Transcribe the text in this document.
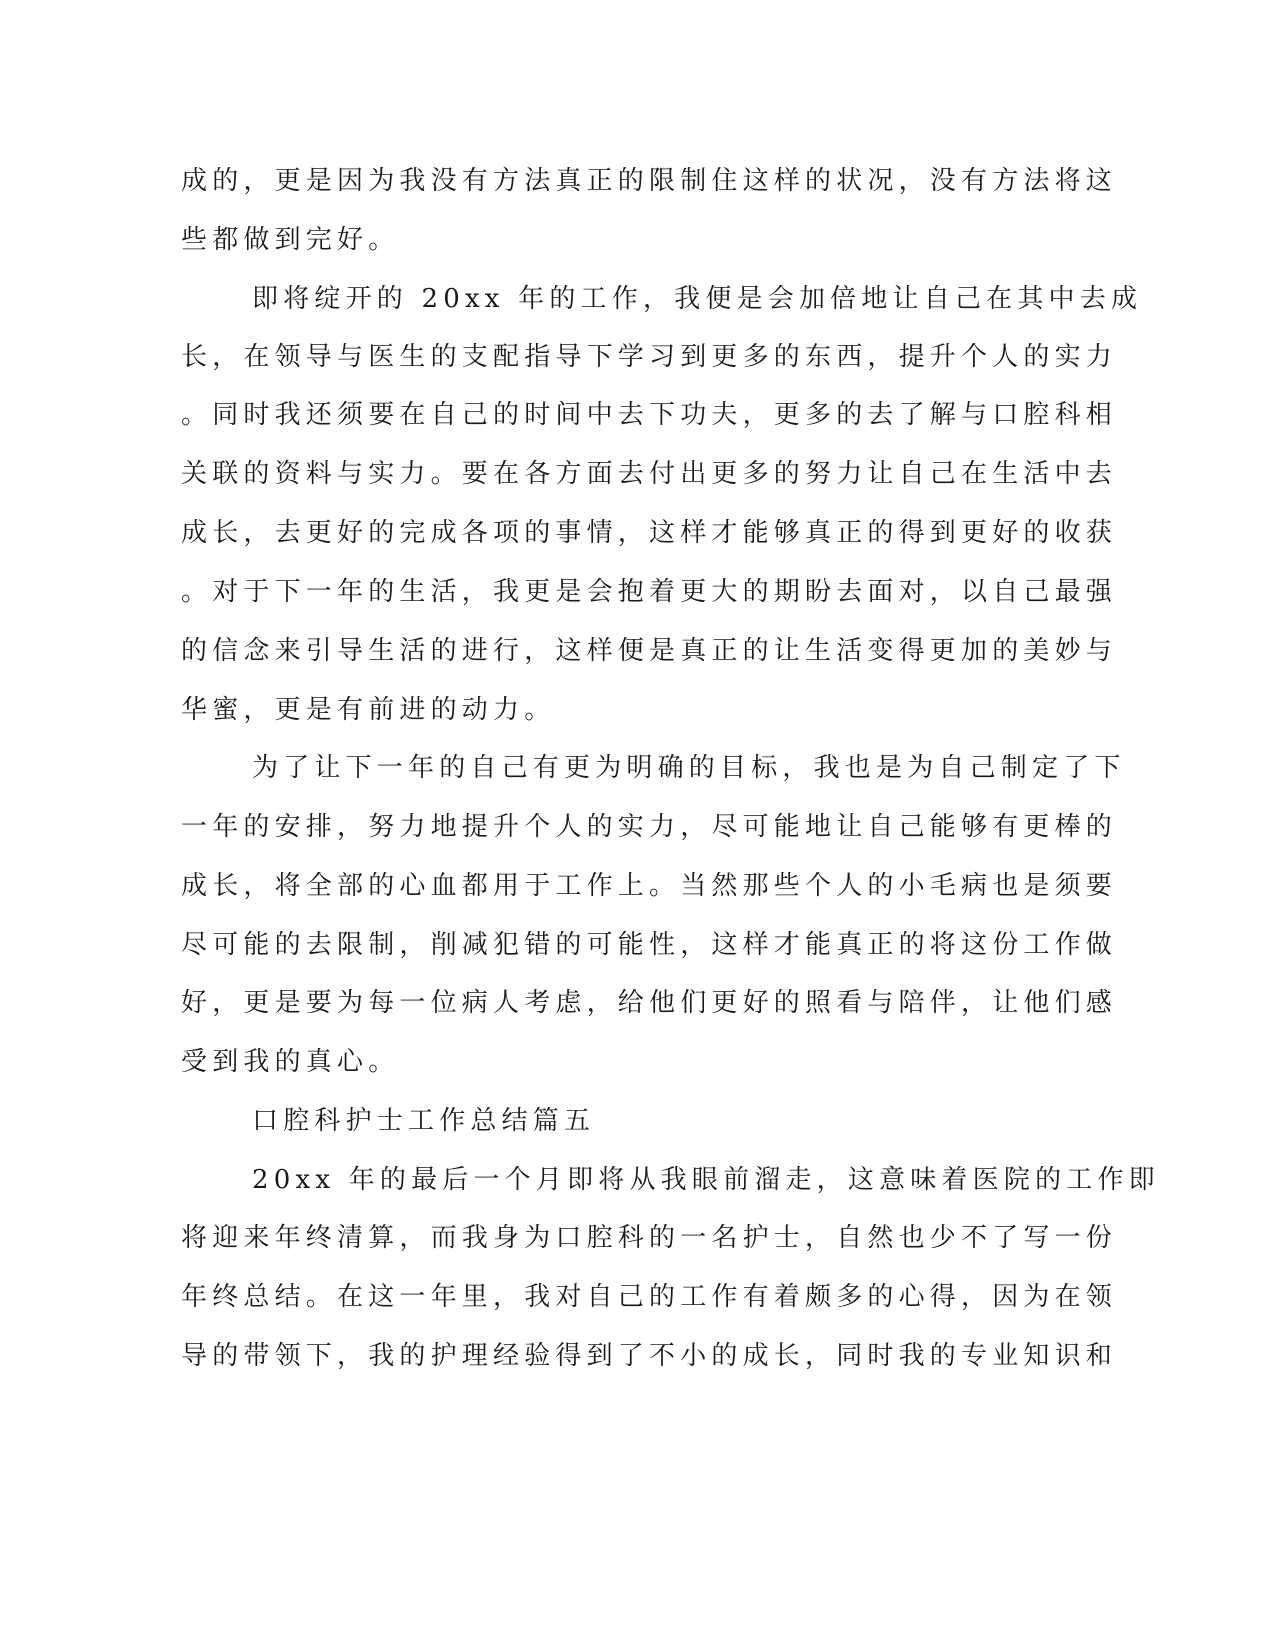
成的，更是因为我没有方法真正的限制住这样的状况，没有方法将这
些都做到完好。
即将绽开的 20xx 年的工作，我便是会加倍地让自己在其中去成
长，在领导与医生的支配指导下学习到更多的东西，提升个人的实力
。同时我还须要在自己的时间中去下功夫，更多的去了解与口腔科相
关联的资料与实力。要在各方面去付出更多的努力让自己在生活中去
成长，去更好的完成各项的事情，这样才能够真正的得到更好的收获
。对于下一年的生活，我更是会抱着更大的期盼去面对，以自己最强
的信念来引导生活的进行，这样便是真正的让生活变得更加的美妙与
华蜜，更是有前进的动力。
为了让下一年的自己有更为明确的目标，我也是为自己制定了下
一年的安排，努力地提升个人的实力，尽可能地让自己能够有更棒的
成长，将全部的心血都用于工作上。当然那些个人的小毛病也是须要
尽可能的去限制，削减犯错的可能性，这样才能真正的将这份工作做
好，更是要为每一位病人考虑，给他们更好的照看与陪伴，让他们感
受到我的真心。
口腔科护士工作总结篇五
20xx 年的最后一个月即将从我眼前溜走，这意味着医院的工作即
将迎来年终清算，而我身为口腔科的一名护士，自然也少不了写一份
年终总结。在这一年里，我对自己的工作有着颇多的心得，因为在领
导的带领下，我的护理经验得到了不小的成长，同时我的专业知识和
